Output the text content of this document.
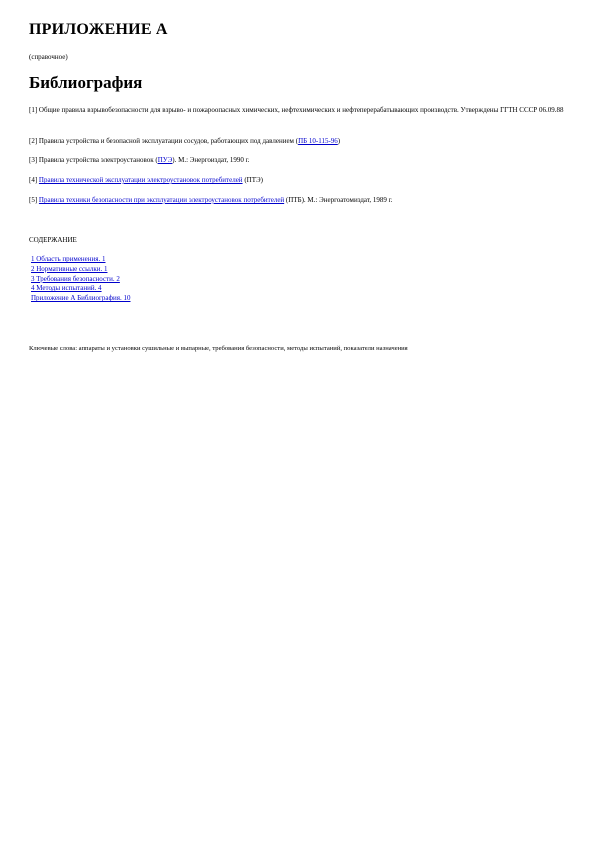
ПРИЛОЖЕНИЕ А
(справочное)
Библиография
[1] Общие правила взрывобезопасности для взрыво- и пожароопасных химических, нефтехимических и нефтеперерабатывающих производств. Утверждены ГГТН СССР 06.09.88
[2] Правила устройства и безопасной эксплуатации сосудов, работающих под давлением (ПБ 10-115-96)
[3] Правила устройства электроустановок (ПУЭ). М.: Энергоиздат, 1990 г.
[4] Правила технической эксплуатации электроустановок потребителей (ПТЭ)
[5] Правила техники безопасности при эксплуатации электроустановок потребителей (ПТБ). М.: Энергоатомиздат, 1989 г.
СОДЕРЖАНИЕ
1 Область применения. 1
2 Нормативные ссылки. 1
3 Требования безопасности. 2
4 Методы испытаний. 4
Приложение А Библиография. 10
Ключевые слова: аппараты и установки сушильные и выпарные, требования безопасности, методы испытаний, показатели назначения
